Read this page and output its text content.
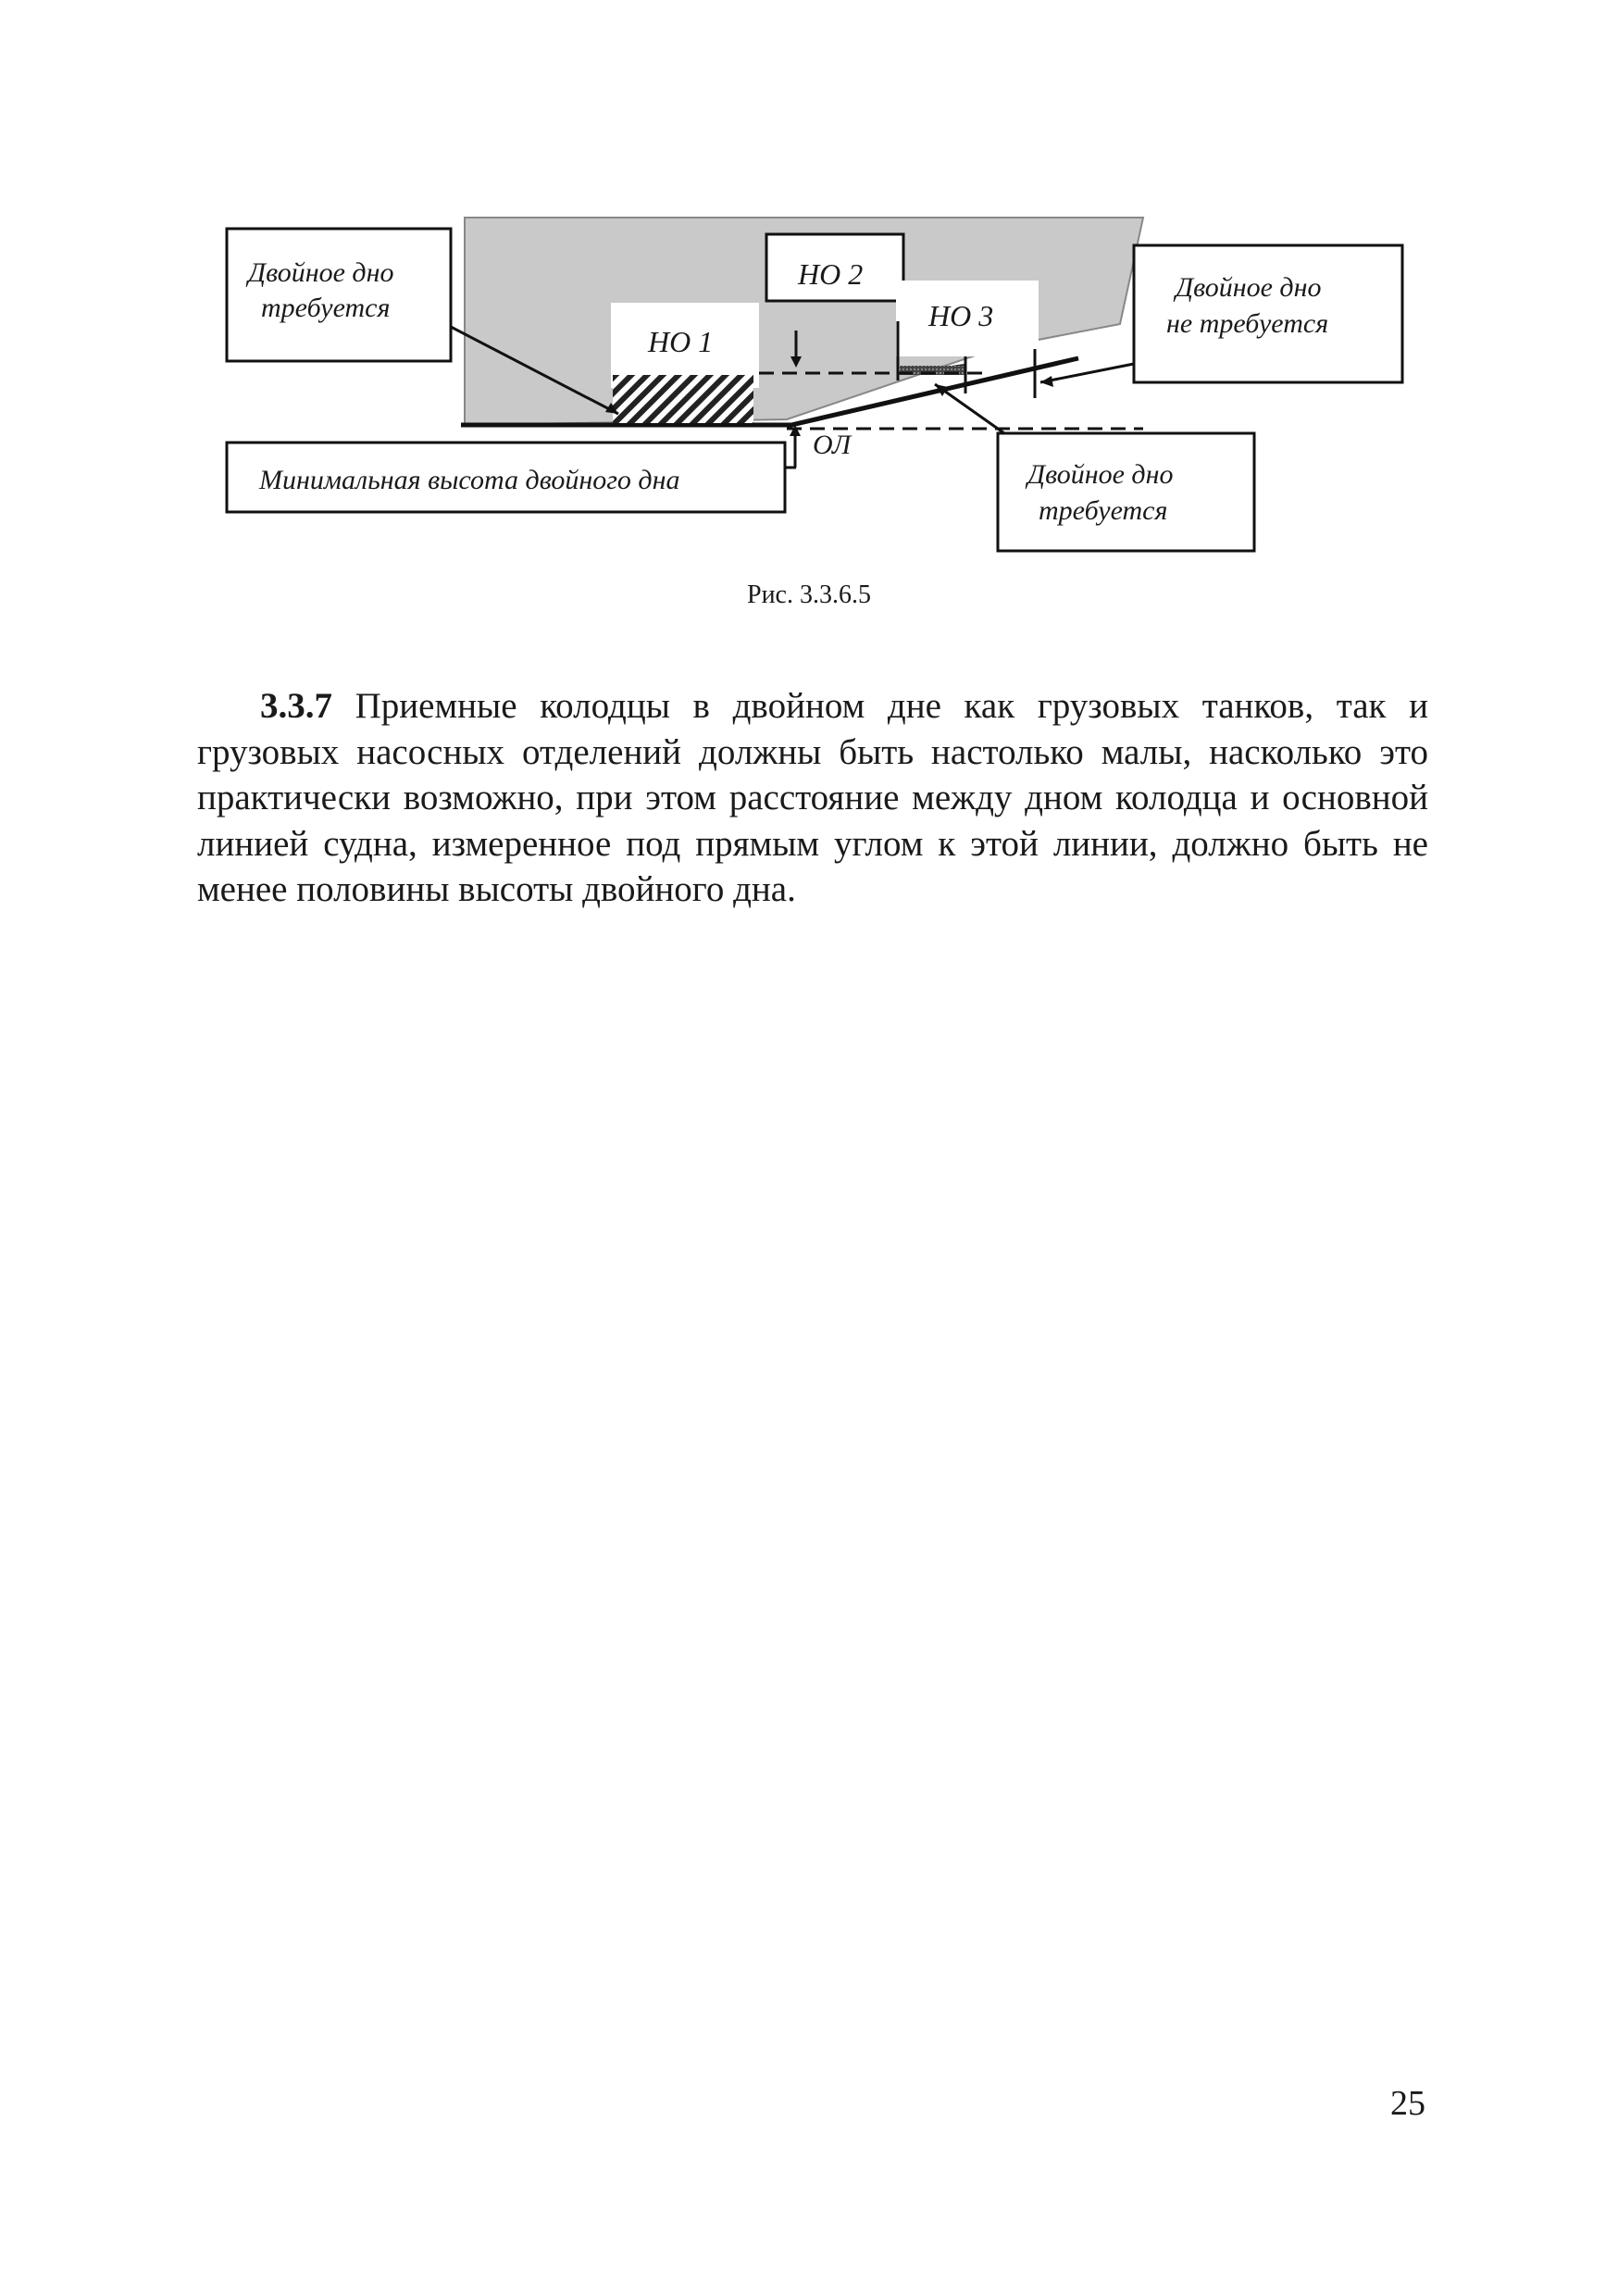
НО 1
НО 2
НО 3
ОЛ
Двойное дно
требуется
Двойное дно
не требуется
Минимальная высота двойного дна	Двойное дно
требуется
Рис. 3.3.6.5

3.3.7 Приемные колодцы в двойном дне как грузовых танков, так и грузовых насосных отделений должны быть настолько малы, насколько это практически возможно, при этом расстояние между дном колодца и основной линией судна, измеренное под прямым углом к этой линии, должно быть не менее половины высоты двойного дна.

25
